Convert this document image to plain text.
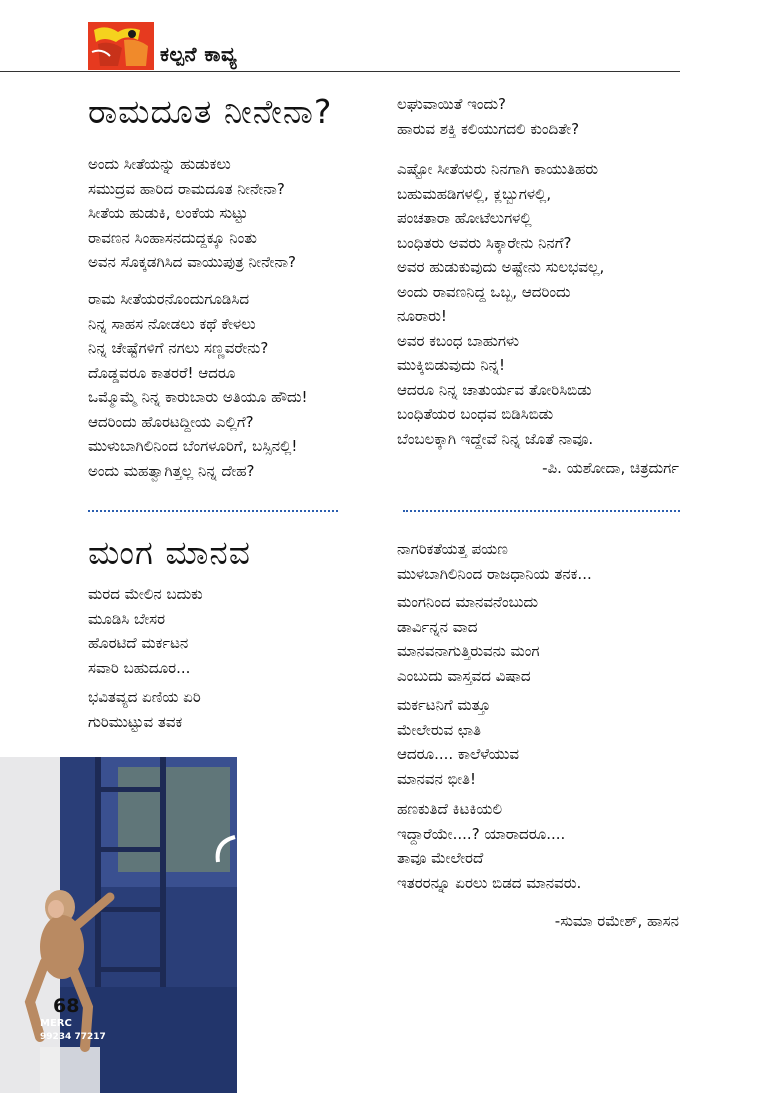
ಕಲ್ಪನೆ ಕಾವ್ಯ
ರಾಮದೂತ ನೀನೇನಾ?
ಅಂದು ಸೀತೆಯನ್ನು ಹುಡುಕಲು
ಸಮುದ್ರವ ಹಾರಿದ ರಾಮದೂತ ನೀನೇನಾ?
ಸೀತೆಯ ಹುಡುಕಿ, ಲಂಕೆಯ ಸುಟ್ಟು
ರಾವಣನ ಸಿಂಹಾಸನದುದ್ದಕ್ಕೂ ನಿಂತು
ಅವನ ಸೊಕ್ಕಡಗಿಸಿದ ವಾಯುಪುತ್ರ ನೀನೇನಾ?
ರಾಮ ಸೀತೆಯರನೊಂದುಗೂಡಿಸಿದ
ನಿನ್ನ ಸಾಹಸ ನೋಡಲು ಕಥೆ ಕೇಳಲು
ನಿನ್ನ ಚೇಷ್ಟೆಗಳಿಗೆ ನಗಲು ಸಣ್ಣವರೇನು?
ದೊಡ್ಡವರೂ ಕಾತರರೆ! ಆದರೂ
ಒಮ್ಮೊಮ್ಮೆ ನಿನ್ನ ಕಾರುಬಾರು ಅತಿಯೂ ಹೌದು!
ಆದರಿಂದು ಹೊರಟದ್ದೀಯ ಎಲ್ಲಿಗೆ?
ಮುಳುಬಾಗಿಲಿನಿಂದ ಬೆಂಗಳೂರಿಗೆ, ಬಸ್ಸಿನಲ್ಲಿ!
ಅಂದು ಮಹತ್ವಾಗಿತ್ತಲ್ಲ ನಿನ್ನ ದೇಹ?
ಲಘುವಾಯಿತೆ ಇಂದು?
ಹಾರುವ ಶಕ್ತಿ ಕಲಿಯುಗದಲಿ ಕುಂದಿತೇ?
ಎಷ್ಟೋ ಸೀತೆಯರು ನಿನಗಾಗಿ ಕಾಯುತಿಹರು
ಬಹುಮಹಡಿಗಳಲ್ಲಿ, ಕ್ಲಬ್ಬುಗಳಲ್ಲಿ,
ಪಂಚತಾರಾ ಹೋಟೆಲುಗಳಲ್ಲಿ
ಬಂಧಿತರು ಅವರು ಸಿಕ್ಕಾರೇನು ನಿನಗೆ?
ಅವರ ಹುಡುಕುವುದು ಅಷ್ಟೇನು ಸುಲಭವಲ್ಲ,
ಅಂದು ರಾವಣನಿದ್ದ ಒಬ್ಬ, ಆದರಿಂದು
ನೂರಾರು!
ಅವರ ಕಬಂಧ ಬಾಹುಗಳು
ಮುಕ್ಕಿಬಿಡುವುದು ನಿನ್ನ!
ಆದರೂ ನಿನ್ನ ಚಾತುರ್ಯವ ತೋರಿಸಿಬಿಡು
ಬಂಧಿತೆಯರ ಬಂಧವ ಬಿಡಿಸಿಬಿಡು
ಬೆಂಬಲಕ್ಕಾಗಿ ಇದ್ದೇವೆ ನಿನ್ನ ಜೊತೆ ನಾವೂ.
-ಪಿ. ಯಶೋದಾ, ಚಿತ್ರದುರ್ಗ
ಮಂಗ ಮಾನವ
ಮರದ ಮೇಲಿನ ಬದುಕು
ಮೂಡಿಸಿ ಬೇಸರ
ಹೊರಟಿದೆ ಮರ್ಕಟನ
ಸವಾರಿ ಬಹುದೂರ...
ಭವಿತವ್ಯದ ಏಣಿಯ ಏರಿ
ಗುರಿಮುಟ್ಟುವ ತವಕ
ನಾಗರಿಕತೆಯತ್ತ ಪಯಣ
ಮುಳಬಾಗಿಲಿನಿಂದ ರಾಜಧಾನಿಯ ತನಕ...
ಮಂಗನಿಂದ ಮಾನವನೆಂಬುದು
ಡಾರ್ವಿನ್ನನ ವಾದ
ಮಾನವನಾಗುತ್ತಿರುವನು ಮಂಗ
ಎಂಬುದು ವಾಸ್ತವದ ವಿಷಾದ
ಮರ್ಕಟನಿಗೆ ಮತ್ತೂ
ಮೇಲೇರುವ ಛಾತಿ
ಆದರೂ.... ಕಾಲೆಳೆಯುವ
ಮಾನವನ ಭೀತಿ!
ಹಣಕುತಿದೆ ಕಿಟಕಿಯಲಿ
ಇದ್ದಾರೆಯೇ....? ಯಾರಾದರೂ....
ತಾವೂ ಮೇಲೇರದೆ
ಇತರರನ್ನೂ ಏರಲು ಬಿಡದ ಮಾನವರು.
-ಸುಮಾ ರಮೇಶ್, ಹಾಸನ
MERC
99234 77217
68
